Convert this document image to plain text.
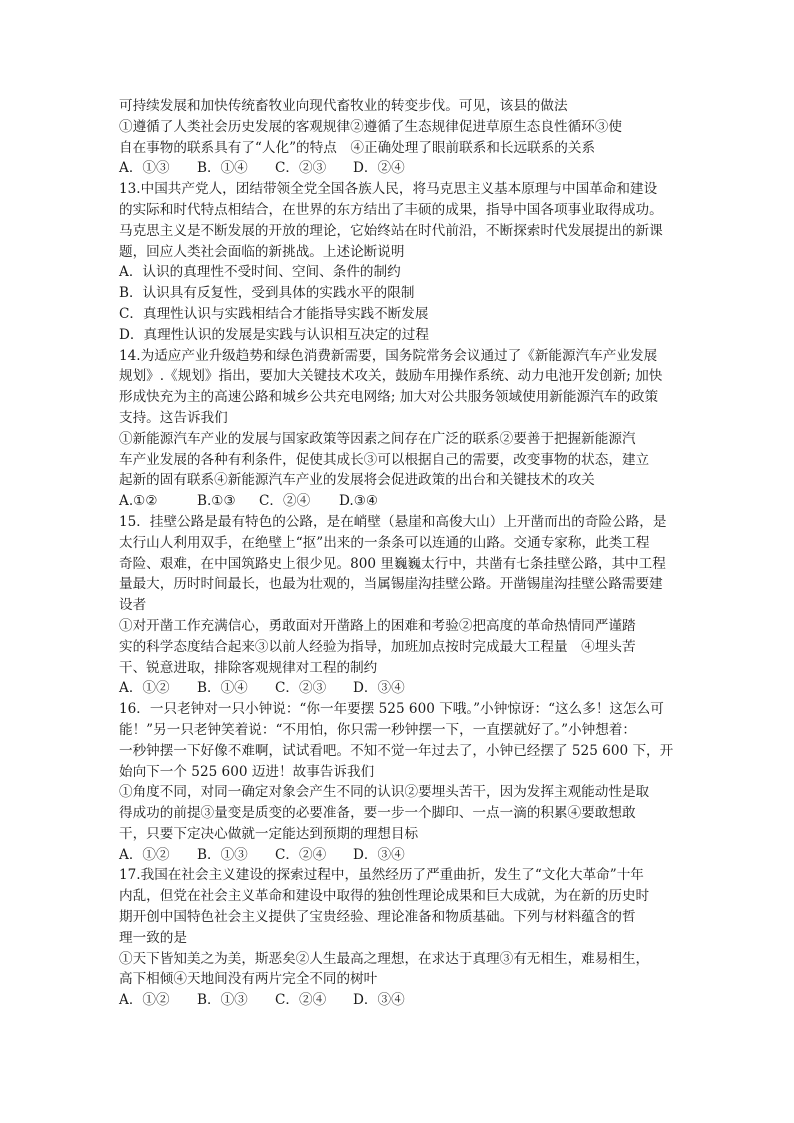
可持续发展和加快传统畜牧业向现代畜牧业的转变步伐。可见，该县的做法
①遵循了人类社会历史发展的客观规律②遵循了生态规律促进草原生态良性循环③使
自在事物的联系具有了“人化”的特点　④正确处理了眼前联系和长远联系的关系
A．①③ B．①④ C．②③ D．②④
13.中国共产党人，团结带领全党全国各族人民，将马克思主义基本原理与中国革命和建设
的实际和时代特点相结合，在世界的东方结出了丰硕的成果，指导中国各项事业取得成功。
马克思主义是不断发展的开放的理论，它始终站在时代前沿，不断探索时代发展提出的新课
题，回应人类社会面临的新挑战。上述论断说明
A．认识的真理性不受时间、空间、条件的制约
B．认识具有反复性，受到具体的实践水平的限制
C．真理性认识与实践相结合才能指导实践不断发展
D．真理性认识的发展是实践与认识相互决定的过程
14.为适应产业升级趋势和绿色消费新需要，国务院常务会议通过了《新能源汽车产业发展
规划》.《规划》指出，要加大关键技术攻关，鼓励车用操作系统、动力电池开发创新; 加快
形成快充为主的高速公路和城乡公共充电网络; 加大对公共服务领域使用新能源汽车的政策
支持。这告诉我们
①新能源汽车产业的发展与国家政策等因素之间存在广泛的联系②要善于把握新能源汽
车产业发展的各种有利条件，促使其成长③可以根据自己的需要，改变事物的状态，建立
起新的固有联系④新能源汽车产业的发展将会促进政策的出台和关键技术的攻关
A.①②	B.①③ C．②④ D.③④
15．挂壁公路是最有特色的公路，是在峭壁（悬崖和高俊大山）上开凿而出的奇险公路，是
太行山人利用双手，在绝壁上“抠”出来的一条条可以连通的山路。交通专家称，此类工程
奇险、艰难，在中国筑路史上很少见。800 里巍巍太行中，共凿有七条挂壁公路，其中工程
量最大，历时时间最长，也最为壮观的，当属锡崖沟挂壁公路。开凿锡崖沟挂壁公路需要建
设者
①对开凿工作充满信心，勇敢面对开凿路上的困难和考验②把高度的革命热情同严谨踏
实的科学态度结合起来③以前人经验为指导，加班加点按时完成最大工程量　④埋头苦
干、锐意进取，排除客观规律对工程的制约
A．①② B．①④ C．②③ D．③④
16．一只老钟对一只小钟说：“你一年要摆 525 600 下哦。”小钟惊讶：“这么多！这怎么可
能！”另一只老钟笑着说：“不用怕，你只需一秒钟摆一下，一直摆就好了。”小钟想着：
一秒钟摆一下好像不难啊，试试看吧。不知不觉一年过去了，小钟已经摆了 525 600 下，开
始向下一个 525 600 迈进！故事告诉我们
①角度不同，对同一确定对象会产生不同的认识②要埋头苦干，因为发挥主观能动性是取
得成功的前提③量变是质变的必要准备，要一步一个脚印、一点一滴的积累④要敢想敢
干，只要下定决心做就一定能达到预期的理想目标
A．①② B．①③ C．②④ D．③④
17.我国在社会主义建设的探索过程中，虽然经历了严重曲折，发生了“文化大革命”十年
内乱，但党在社会主义革命和建设中取得的独创性理论成果和巨大成就，为在新的历史时
期开创中国特色社会主义提供了宝贵经验、理论准备和物质基础。下列与材料蕴含的哲
理一致的是
①天下皆知美之为美，斯恶矣②人生最高之理想，在求达于真理③有无相生，难易相生，
高下相倾④天地间没有两片完全不同的树叶
A．①② B．①③ C．②④ D．③④
